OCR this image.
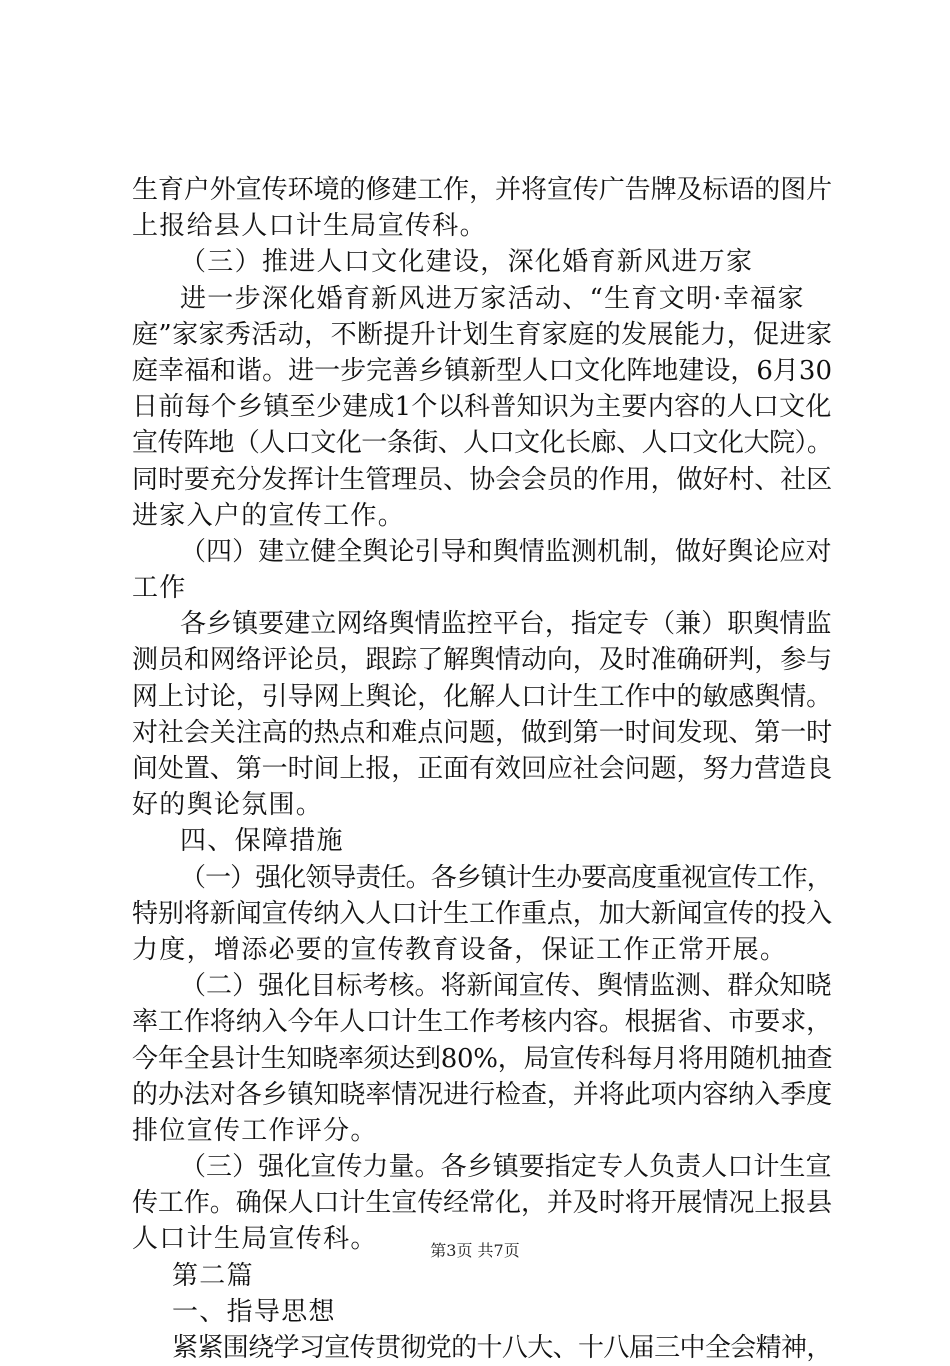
生育户外宣传环境的修建工作，并将宣传广告牌及标语的图片
上报给县人口计生局宣传科。
（三）推进人口文化建设，深化婚育新风进万家
进一步深化婚育新风进万家活动、“生育文明·幸福家
庭”家家秀活动，不断提升计划生育家庭的发展能力，促进家
庭幸福和谐。进一步完善乡镇新型人口文化阵地建设，6月30
日前每个乡镇至少建成1个以科普知识为主要内容的人口文化
宣传阵地（人口文化一条街、人口文化长廊、人口文化大院）。
同时要充分发挥计生管理员、协会会员的作用，做好村、社区
进家入户的宣传工作。
（四）建立健全舆论引导和舆情监测机制，做好舆论应对
工作
各乡镇要建立网络舆情监控平台，指定专（兼）职舆情监
测员和网络评论员，跟踪了解舆情动向，及时准确研判，参与
网上讨论，引导网上舆论，化解人口计生工作中的敏感舆情。
对社会关注高的热点和难点问题，做到第一时间发现、第一时
间处置、第一时间上报，正面有效回应社会问题，努力营造良
好的舆论氛围。
四、保障措施
（一）强化领导责任。各乡镇计生办要高度重视宣传工作，
特别将新闻宣传纳入人口计生工作重点，加大新闻宣传的投入
力度，增添必要的宣传教育设备，保证工作正常开展。
（二）强化目标考核。将新闻宣传、舆情监测、群众知晓
率工作将纳入今年人口计生工作考核内容。根据省、市要求，
今年全县计生知晓率须达到80%，局宣传科每月将用随机抽查
的办法对各乡镇知晓率情况进行检查，并将此项内容纳入季度
排位宣传工作评分。
（三）强化宣传力量。各乡镇要指定专人负责人口计生宣
传工作。确保人口计生宣传经常化，并及时将开展情况上报县
人口计生局宣传科。
第二篇
一、指导思想
紧紧围绕学习宣传贯彻党的十八大、十八届三中全会精神，
第3页 共7页
